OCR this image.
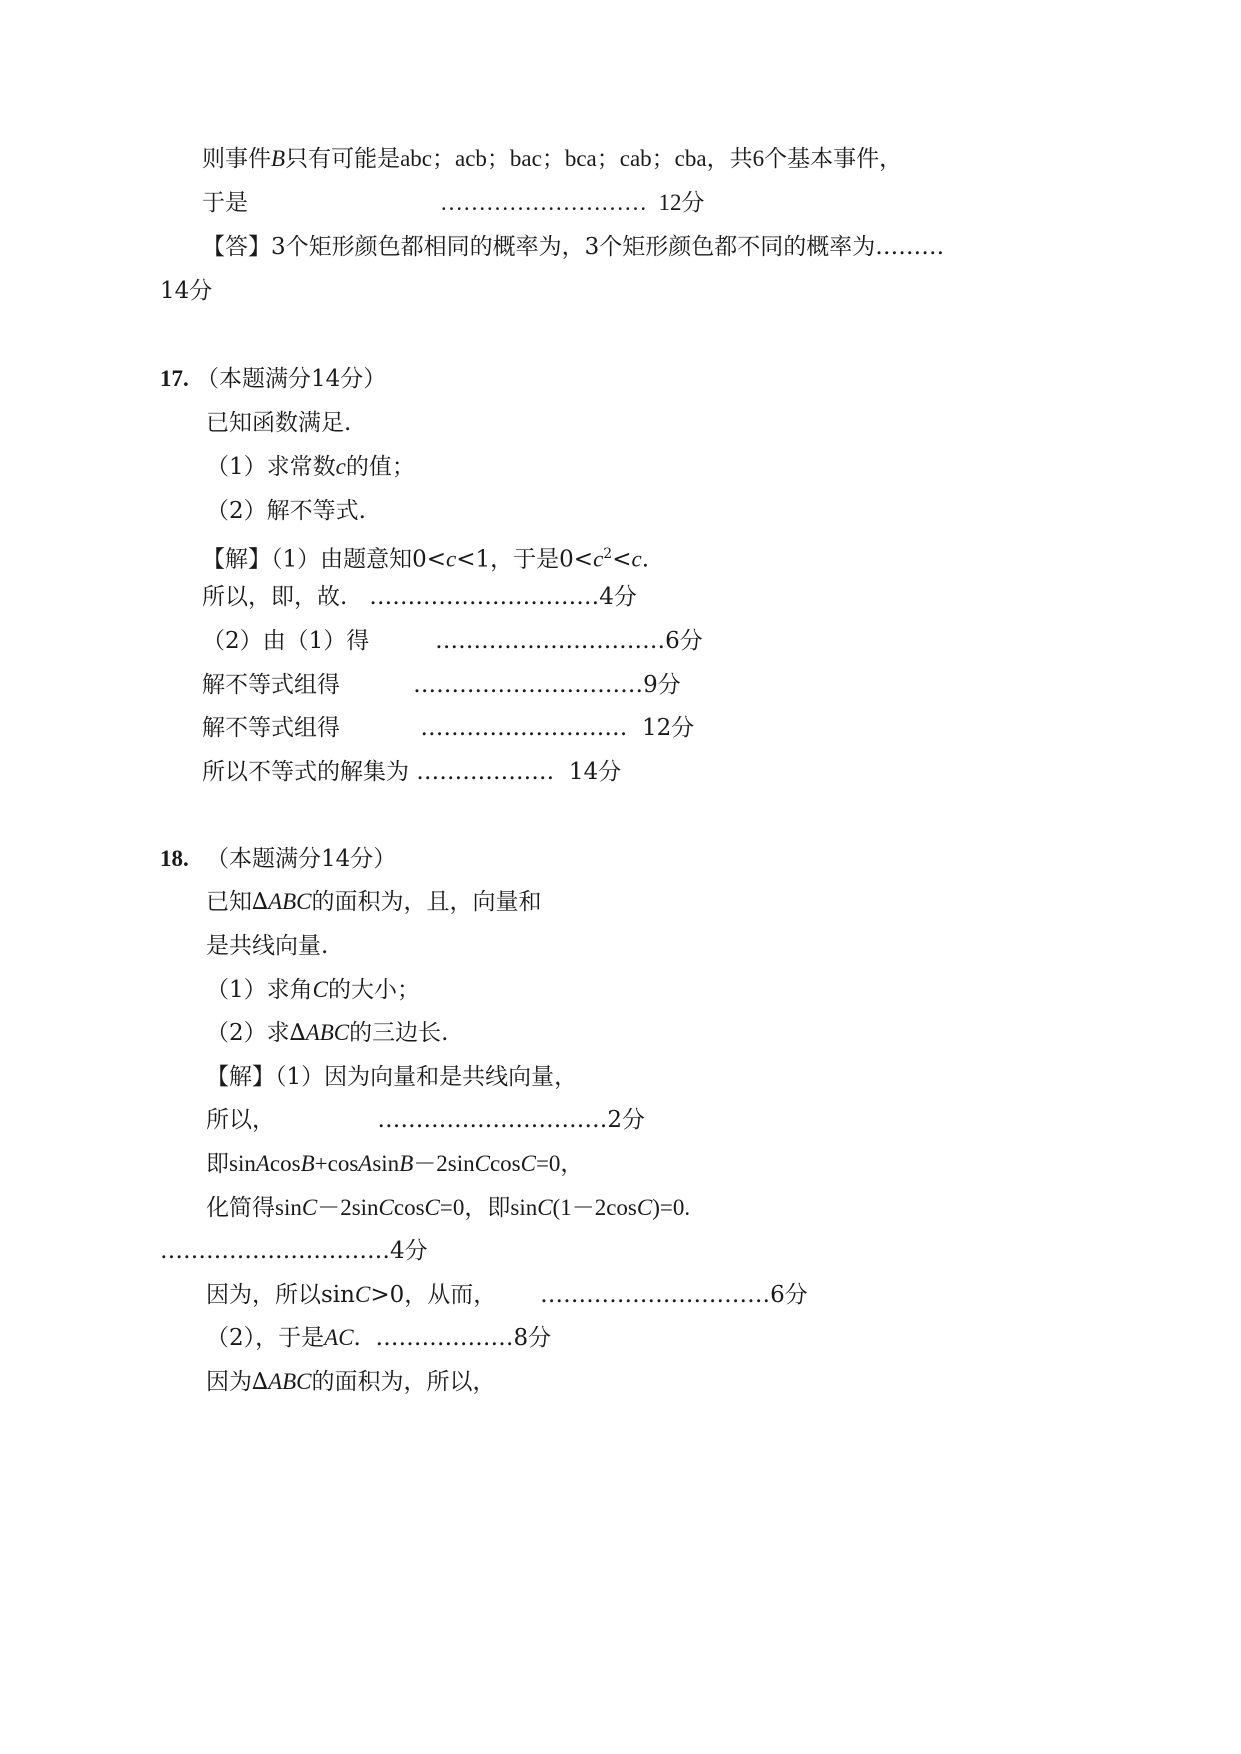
则事件B只有可能是abc；acb；bac；bca；cab；cba，共6个基本事件，
于是	………………………  12分
【答】3个矩形颜色都相同的概率为，3个矩形颜色都不同的概率为………
14分
17. （本题满分14分）
已知函数满足.
（1）求常数c的值；
（2）解不等式.
【解】（1）由题意知0<c<1，于是$0<c^2<c$.
所以，即，故.   …………………………4分
（2）由（1）得         …………………………6分
解不等式组得          …………………………9分
解不等式组得           ………………………  12分
所以不等式的解集为 ………………  14分
18. （本题满分14分）
已知∆ABC的面积为，且，向量和
是共线向量.
（1）求角C的大小；
（2）求∆ABC的三边长.
【解】（1）因为向量和是共线向量，
所以，              …………………………2分
即sinAcosB+cosAsinB－2sinCcosC=0，
化简得sinC－2sinCcosC=0，即sinC(1－2cosC)=0.
…………………………4分
因为，所以sinC>0，从而，      …………………………6分
（2），于是AC.  ………………8分
因为∆ABC的面积为，所以，
